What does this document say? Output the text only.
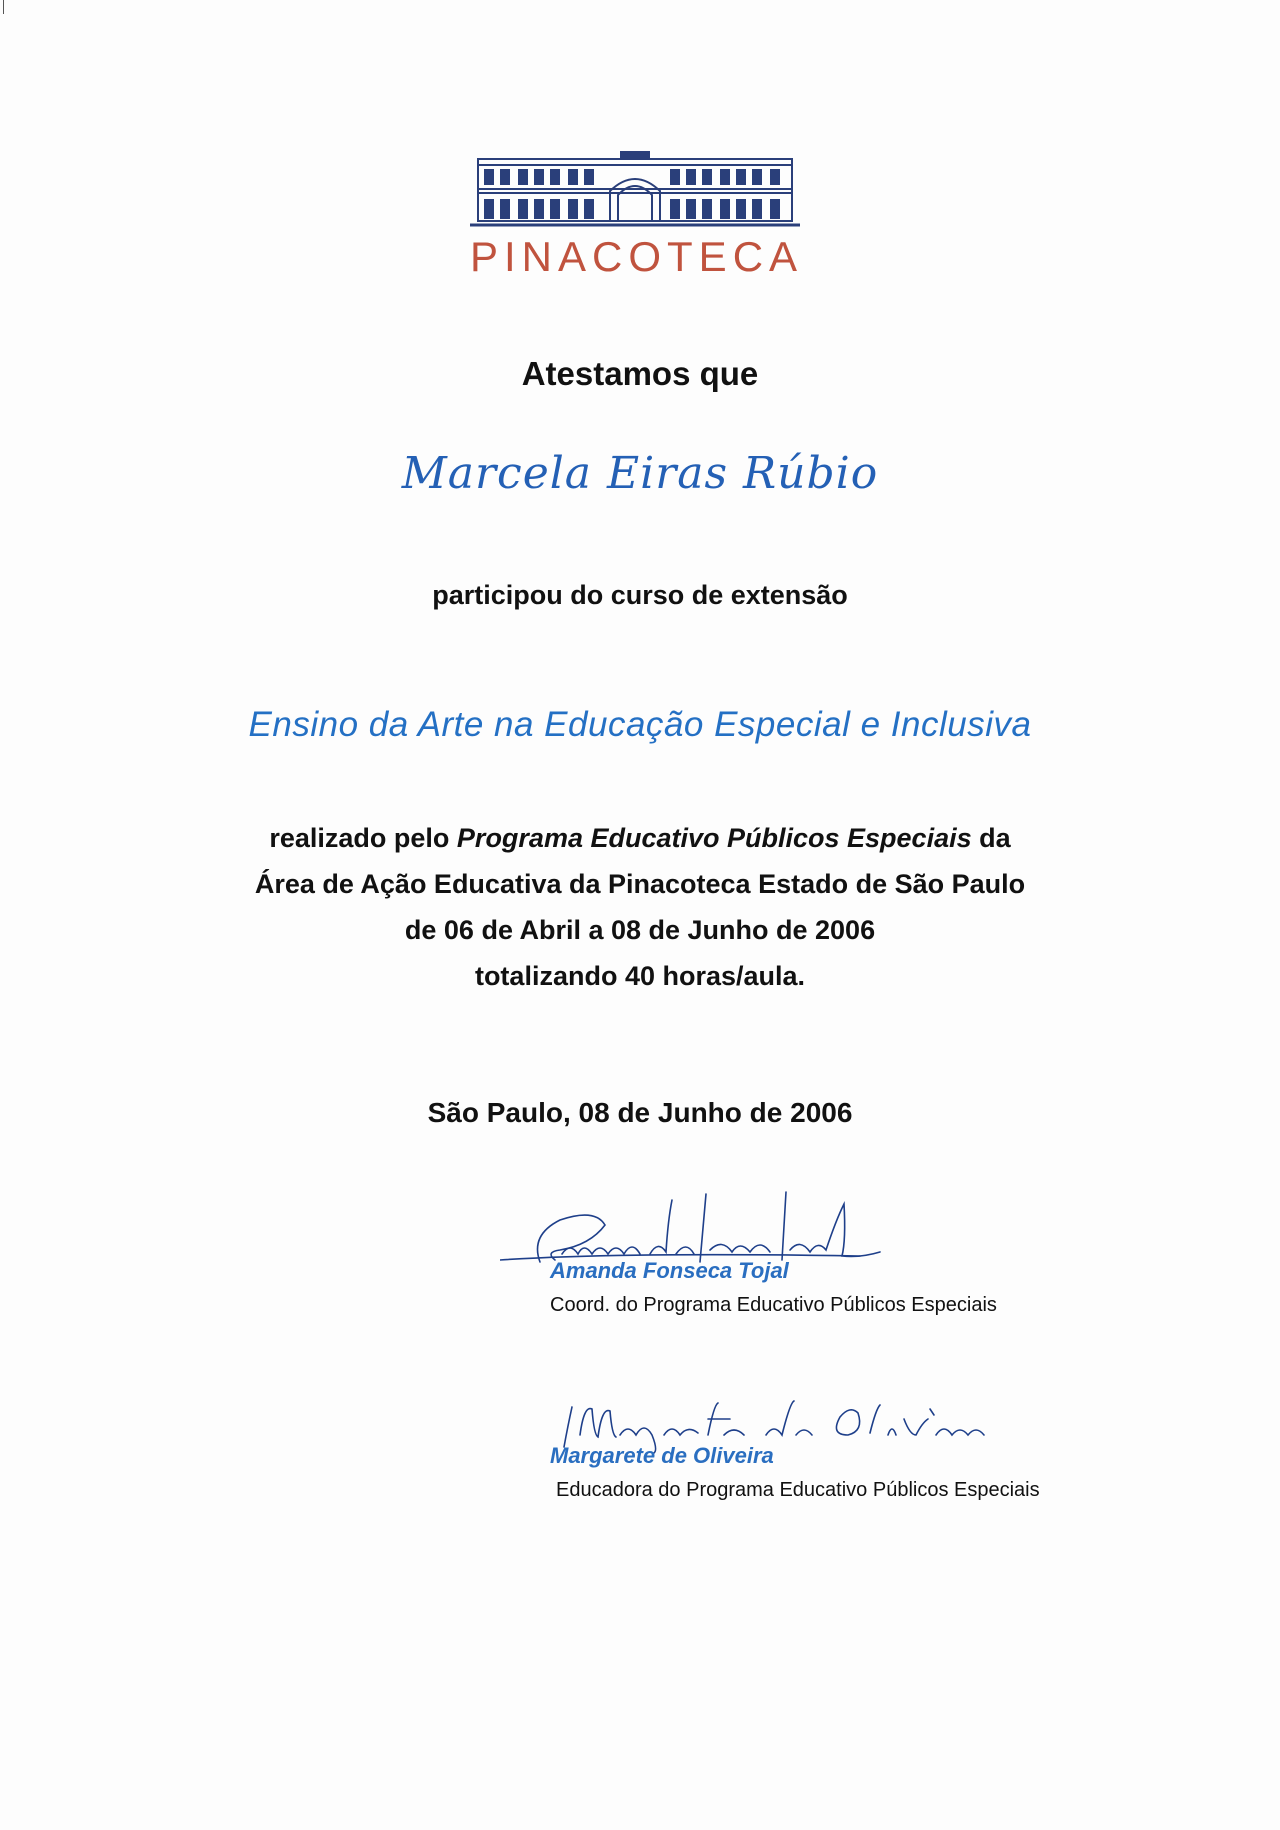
PINACOTECA
Atestamos que
Marcela Eiras Rúbio
participou do curso de extensão
Ensino da Arte na Educação Especial e Inclusiva
realizado pelo Programa Educativo Públicos Especiais da
Área de Ação Educativa da Pinacoteca Estado de São Paulo
de 06 de Abril a 08 de Junho de 2006
totalizando 40 horas/aula.
São Paulo, 08 de Junho de 2006
Amanda Fonseca Tojal
Coord. do Programa Educativo Públicos Especiais
Margarete de Oliveira
Educadora do Programa Educativo Públicos Especiais
